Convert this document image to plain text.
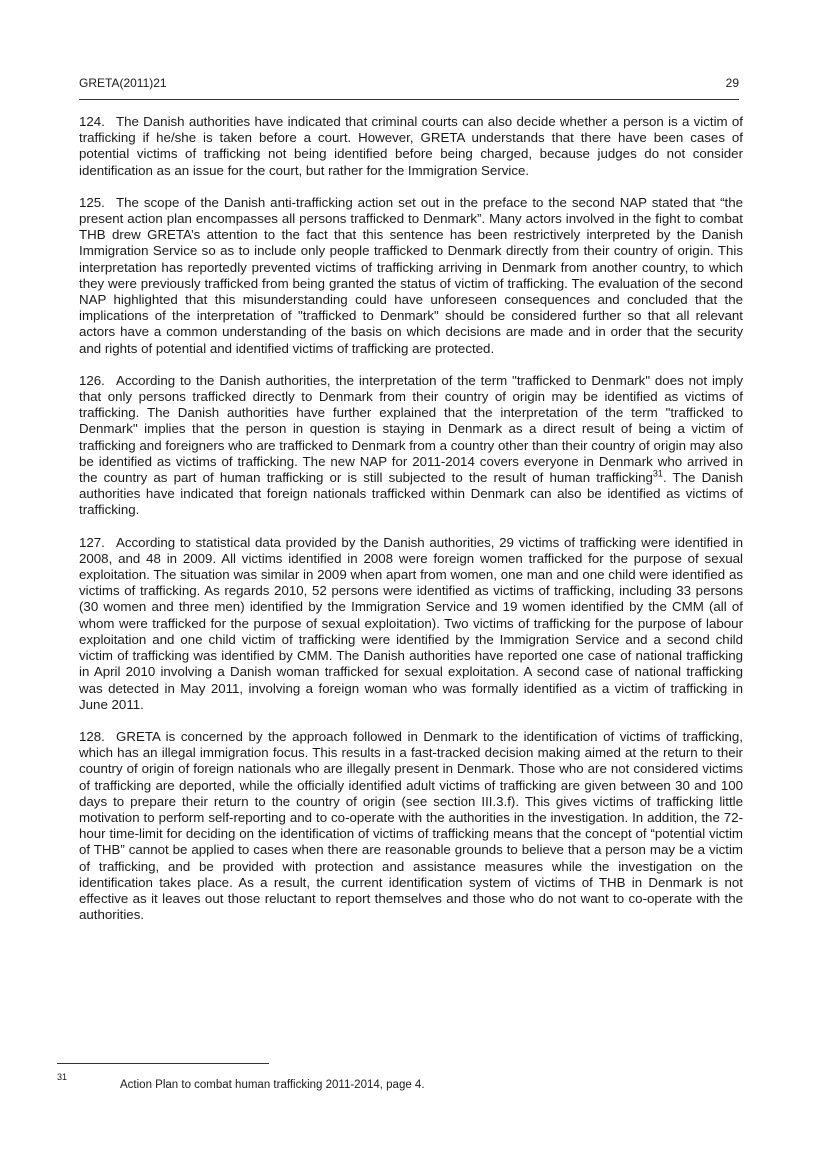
GRETA(2011)21	29

124. The Danish authorities have indicated that criminal courts can also decide whether a person is a victim of trafficking if he/she is taken before a court. However, GRETA understands that there have been cases of potential victims of trafficking not being identified before being charged, because judges do not consider identification as an issue for the court, but rather for the Immigration Service.

125. The scope of the Danish anti-trafficking action set out in the preface to the second NAP stated that “the present action plan encompasses all persons trafficked to Denmark”. Many actors involved in the fight to combat THB drew GRETA’s attention to the fact that this sentence has been restrictively interpreted by the Danish Immigration Service so as to include only people trafficked to Denmark directly from their country of origin. This interpretation has reportedly prevented victims of trafficking arriving in Denmark from another country, to which they were previously trafficked from being granted the status of victim of trafficking. The evaluation of the second NAP highlighted that this misunderstanding could have unforeseen consequences and concluded that the implications of the interpretation of "trafficked to Denmark" should be considered further so that all relevant actors have a common understanding of the basis on which decisions are made and in order that the security and rights of potential and identified victims of trafficking are protected.

126. According to the Danish authorities, the interpretation of the term "trafficked to Denmark" does not imply that only persons trafficked directly to Denmark from their country of origin may be identified as victims of trafficking. The Danish authorities have further explained that the interpretation of the term "trafficked to Denmark" implies that the person in question is staying in Denmark as a direct result of being a victim of trafficking and foreigners who are trafficked to Denmark from a country other than their country of origin may also be identified as victims of trafficking. The new NAP for 2011-2014 covers everyone in Denmark who arrived in the country as part of human trafficking or is still subjected to the result of human trafficking$^{31}$. The Danish authorities have indicated that foreign nationals trafficked within Denmark can also be identified as victims of trafficking.

127. According to statistical data provided by the Danish authorities, 29 victims of trafficking were identified in 2008, and 48 in 2009. All victims identified in 2008 were foreign women trafficked for the purpose of sexual exploitation. The situation was similar in 2009 when apart from women, one man and one child were identified as victims of trafficking. As regards 2010, 52 persons were identified as victims of trafficking, including 33 persons (30 women and three men) identified by the Immigration Service and 19 women identified by the CMM (all of whom were trafficked for the purpose of sexual exploitation). Two victims of trafficking for the purpose of labour exploitation and one child victim of trafficking were identified by the Immigration Service and a second child victim of trafficking was identified by CMM. The Danish authorities have reported one case of national trafficking in April 2010 involving a Danish woman trafficked for sexual exploitation. A second case of national trafficking was detected in May 2011, involving a foreign woman who was formally identified as a victim of trafficking in June 2011.

128. GRETA is concerned by the approach followed in Denmark to the identification of victims of trafficking, which has an illegal immigration focus. This results in a fast-tracked decision making aimed at the return to their country of origin of foreign nationals who are illegally present in Denmark. Those who are not considered victims of trafficking are deported, while the officially identified adult victims of trafficking are given between 30 and 100 days to prepare their return to the country of origin (see section III.3.f). This gives victims of trafficking little motivation to perform self-reporting and to co-operate with the authorities in the investigation. In addition, the 72-hour time-limit for deciding on the identification of victims of trafficking means that the concept of “potential victim of THB” cannot be applied to cases when there are reasonable grounds to believe that a person may be a victim of trafficking, and be provided with protection and assistance measures while the investigation on the identification takes place. As a result, the current identification system of victims of THB in Denmark is not effective as it leaves out those reluctant to report themselves and those who do not want to co-operate with the authorities.

31
Action Plan to combat human trafficking 2011-2014, page 4.
